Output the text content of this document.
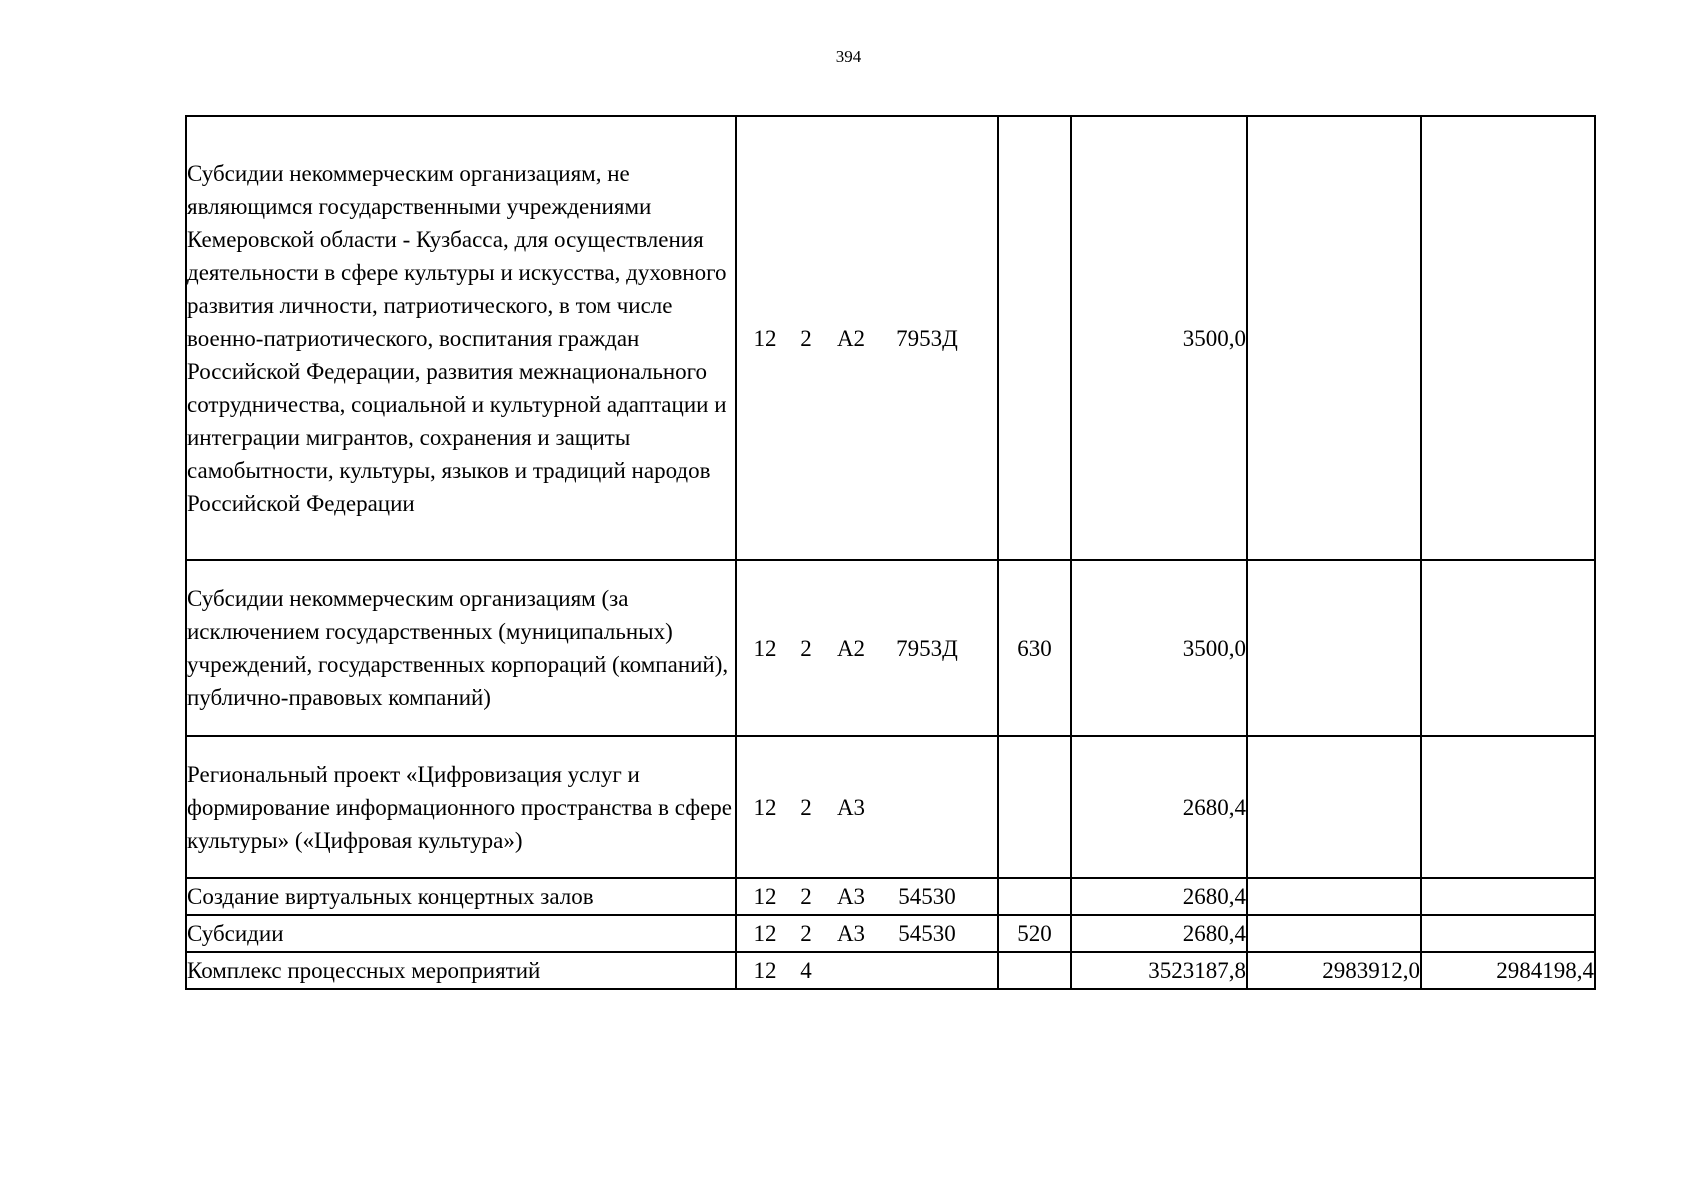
394
Субсидии некоммерческим организациям, не являющимся государственными учреждениями Кемеровской области - Кузбасса, для осуществления деятельности в сфере культуры и искусства, духовного развития личности, патриотического, в том числе военно-патриотического, воспитания граждан Российской Федерации, развития межнационального сотрудничества, социальной и культурной адаптации и интеграции мигрантов, сохранения и защиты самобытности, культуры, языков и традиций народов Российской Федерации	12 2 А2 7953Д		3500,0		
Субсидии некоммерческим организациям (за исключением государственных (муниципальных) учреждений, государственных корпораций (компаний), публично-правовых компаний)	12 2 А2 7953Д	630	3500,0		
Региональный проект «Цифровизация услуг и формирование информационного пространства в сфере культуры» («Цифровая культура»)	12 2 А3		2680,4		
Создание виртуальных концертных залов	12 2 А3 54530		2680,4		
Субсидии	12 2 А3 54530	520	2680,4		
Комплекс процессных мероприятий	12 4		3523187,8	2983912,0	2984198,4
